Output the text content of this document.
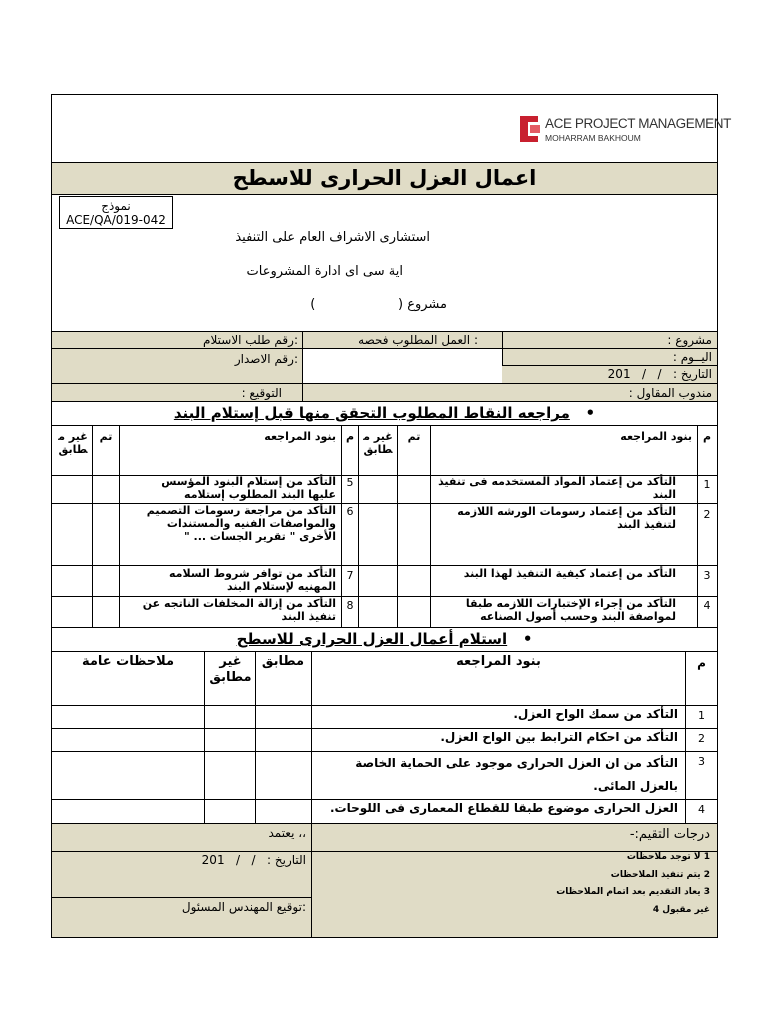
ACE PROJECT MANAGEMENT
MOHARRAM BAKHOUM
اعمال العزل الحرارى للاسطح
نموذج
ACE/QA/019-042
استشارى الاشراف العام على التنفيذ
اية سى اى ادارة المشروعات
مشروع (                    )
مشروع :
: العمل المطلوب فحصه
:رقم طلب الاستلام
اليــوم :
:رقم الاصدار
التاريخ :   /   /   201
مندوب المقاول :
التوقيع :
•   مراجعه النقاط المطلوب التحقق منها قبل إستلام البند
م
بنود المراجعه
تم
غير مطابق
م
بنود المراجعه
تم
غير مطابق
1
التأكد من إعتماد المواد المستخدمه فى تنفيذ البند
2
التأكد من إعتماد رسومات الورشه اللازمه لتنفيذ البند
3
التأكد من إعتماد كيفية التنفيذ لهذا البند
4
التأكد من إجراء الإختبارات اللازمه طبقا لمواصفة البند وحسب أصول الصناعه
5
التأكد من إستلام البنود المؤسس عليها البند المطلوب إستلامه
6
التأكد من مراجعة رسومات التصميم والمواصفات الفنيه والمستندات الأخرى " تقرير الجسات ... "
7
التأكد من توافر شروط السلامه المهنيه لإستلام البند
8
التأكد من إزالة المخلفات الناتجه عن تنفيذ البند
•   استلام أعمال العزل الحرارى للاسطح
م
بنود المراجعه
مطابق
غير مطابق
ملاحظات عامة
1
التأكد من سمك الواح العزل.
2
التأكد من احكام الترابط بين الواح العزل.
3
التأكد من ان العزل الحرارى موجود على الحماية الخاصة بالعزل المائى.
4
العزل الحرارى موضوع طبقا للقطاع المعمارى فى اللوحات.
درجات التقيم:-
،، يعتمد
1 لا توجد ملاحظات
2 يتم تنفيذ الملاحظات
3 يعاد التقديم بعد اتمام الملاحظات
غير مقبول 4
التاريخ :   /   /   201
:توقيع المهندس المسئول
